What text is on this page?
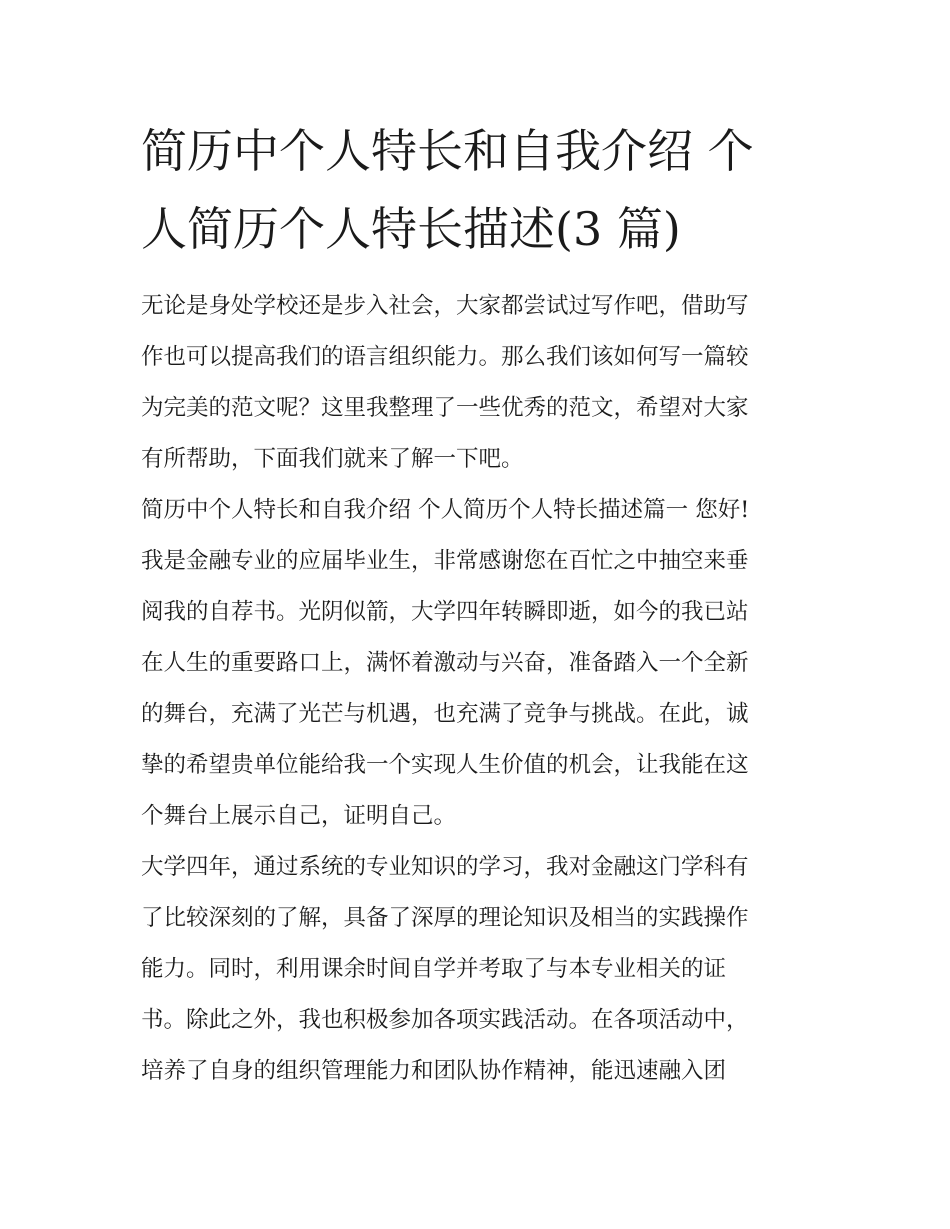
简历中个人特长和自我介绍 个
人简历个人特长描述(3 篇)
无论是身处学校还是步入社会，大家都尝试过写作吧，借助写
作也可以提高我们的语言组织能力。那么我们该如何写一篇较
为完美的范文呢？这里我整理了一些优秀的范文，希望对大家
有所帮助，下面我们就来了解一下吧。
简历中个人特长和自我介绍 个人简历个人特长描述篇一 您好!
我是金融专业的应届毕业生，非常感谢您在百忙之中抽空来垂
阅我的自荐书。光阴似箭，大学四年转瞬即逝，如今的我已站
在人生的重要路口上，满怀着激动与兴奋，准备踏入一个全新
的舞台，充满了光芒与机遇，也充满了竞争与挑战。在此，诚
挚的希望贵单位能给我一个实现人生价值的机会，让我能在这
个舞台上展示自己，证明自己。
大学四年，通过系统的专业知识的学习，我对金融这门学科有
了比较深刻的了解，具备了深厚的理论知识及相当的实践操作
能力。同时，利用课余时间自学并考取了与本专业相关的证
书。除此之外，我也积极参加各项实践活动。在各项活动中，
培养了自身的组织管理能力和团队协作精神，能迅速融入团
